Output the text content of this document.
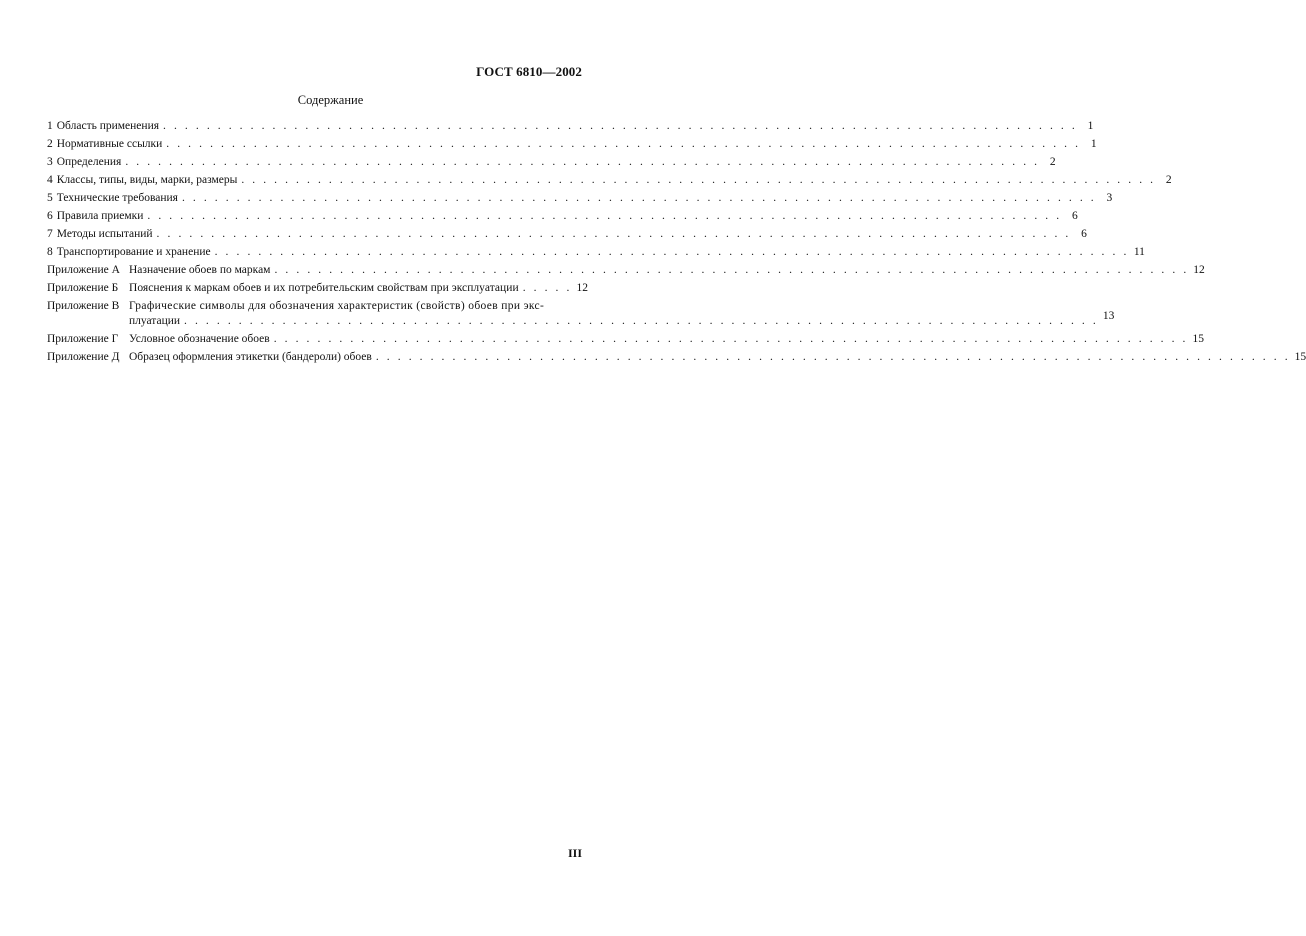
ГОСТ 6810—2002
Содержание
1 Область применения . . . . . . . . . . . . . . . . . . . . . . . . . . . . . . . . . . . . . . . . . . . . . . . . . . . . . . . . . . . . . . . . . . . . . . . . . . . . . . . . . . . . 1
2 Нормативные ссылки . . . . . . . . . . . . . . . . . . . . . . . . . . . . . . . . . . . . . . . . . . . . . . . . . . . . . . . . . . . . . . . . . . . . . . . . . . . . . . . . . . . . 1
3 Определения . . . . . . . . . . . . . . . . . . . . . . . . . . . . . . . . . . . . . . . . . . . . . . . . . . . . . . . . . . . . . . . . . . . . . . . . . . . . . . . . . . . . 2
4 Классы, типы, виды, марки, размеры . . . . . . . . . . . . . . . . . . . . . . . . . . . . . . . . . . . . . . . . . . . . . . . . . . . . . . . . . . . . . . . . . . . . . . . . . . . . . . . . . . . . 2
5 Технические требования . . . . . . . . . . . . . . . . . . . . . . . . . . . . . . . . . . . . . . . . . . . . . . . . . . . . . . . . . . . . . . . . . . . . . . . . . . . . . . . . . . . . 3
6 Правила приемки . . . . . . . . . . . . . . . . . . . . . . . . . . . . . . . . . . . . . . . . . . . . . . . . . . . . . . . . . . . . . . . . . . . . . . . . . . . . . . . . . . . . 6
7 Методы испытаний . . . . . . . . . . . . . . . . . . . . . . . . . . . . . . . . . . . . . . . . . . . . . . . . . . . . . . . . . . . . . . . . . . . . . . . . . . . . . . . . . . . . 6
8 Транспортирование и хранение . . . . . . . . . . . . . . . . . . . . . . . . . . . . . . . . . . . . . . . . . . . . . . . . . . . . . . . . . . . . . . . . . . . . . . . . . . . . . . . . . . . . 11
Приложение А Назначение обоев по маркам . . . . . . . . . . . . . . . . . . . . . . . . . . . . . . . . . . . . . . . . . . . . . . . . . . . . . . . . . . . . . . . . . . . . . . . . . . . . . . . . . . . . 12
Приложение Б Пояснения к маркам обоев и их потребительским свойствам при эксплуатации . . . . . 12
Приложение В Графические символы для обозначения характеристик (свойств) обоев при экс-
плуатации . . . . . . . . . . . . . . . . . . . . . . . . . . . . . . . . . . . . . . . . . . . . . . . . . . . . . . . . . . . . . . . . . . . . . . . . . . . . . . . . . . . . 13
Приложение Г Условное обозначение обоев . . . . . . . . . . . . . . . . . . . . . . . . . . . . . . . . . . . . . . . . . . . . . . . . . . . . . . . . . . . . . . . . . . . . . . . . . . . . . . . . . . . . 15
Приложение Д Образец оформления этикетки (бандероли) обоев . . . . . . . . . . . . . . . . . . . . . . . . . . . . . . . . . . . . . . . . . . . . . . . . . . . . . . . . . . . . . . . . . . . . . . . . . . . . . . . . . . . . 15
III
